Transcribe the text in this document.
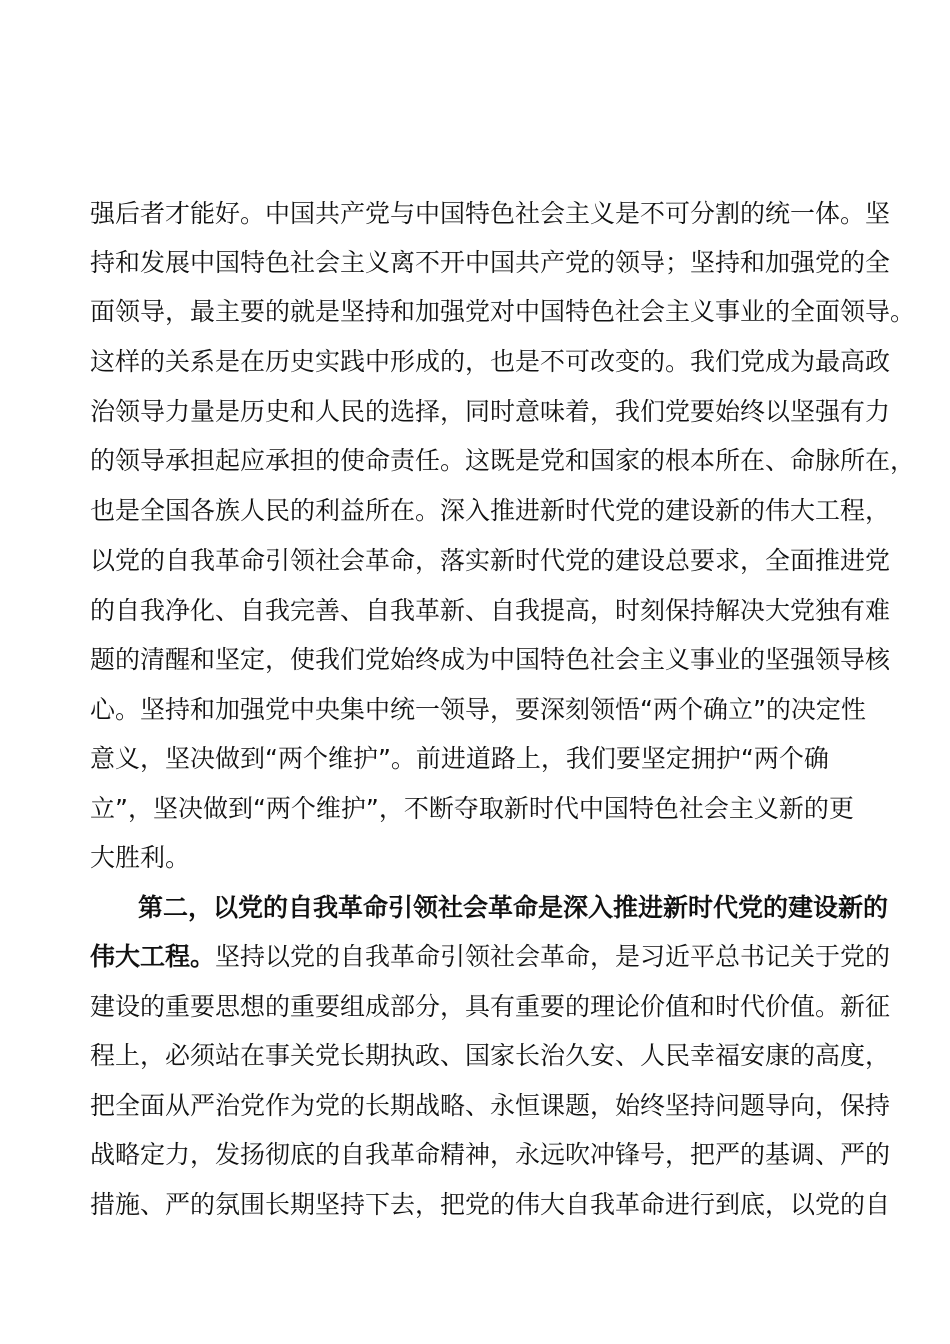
强后者才能好。中国共产党与中国特色社会主义是不可分割的统一体。坚
持和发展中国特色社会主义离不开中国共产党的领导；坚持和加强党的全
面领导，最主要的就是坚持和加强党对中国特色社会主义事业的全面领导。
这样的关系是在历史实践中形成的，也是不可改变的。我们党成为最高政
治领导力量是历史和人民的选择，同时意味着，我们党要始终以坚强有力
的领导承担起应承担的使命责任。这既是党和国家的根本所在、命脉所在，
也是全国各族人民的利益所在。深入推进新时代党的建设新的伟大工程，
以党的自我革命引领社会革命，落实新时代党的建设总要求，全面推进党
的自我净化、自我完善、自我革新、自我提高，时刻保持解决大党独有难
题的清醒和坚定，使我们党始终成为中国特色社会主义事业的坚强领导核
心。坚持和加强党中央集中统一领导，要深刻领悟“两个确立”的决定性
意义，坚决做到“两个维护”。前进道路上，我们要坚定拥护“两个确
立”，坚决做到“两个维护”，不断夺取新时代中国特色社会主义新的更
大胜利。
第二，以党的自我革命引领社会革命是深入推进新时代党的建设新的
伟大工程。坚持以党的自我革命引领社会革命，是习近平总书记关于党的
建设的重要思想的重要组成部分，具有重要的理论价值和时代价值。新征
程上，必须站在事关党长期执政、国家长治久安、人民幸福安康的高度，
把全面从严治党作为党的长期战略、永恒课题，始终坚持问题导向，保持
战略定力，发扬彻底的自我革命精神，永远吹冲锋号，把严的基调、严的
措施、严的氛围长期坚持下去，把党的伟大自我革命进行到底，以党的自
